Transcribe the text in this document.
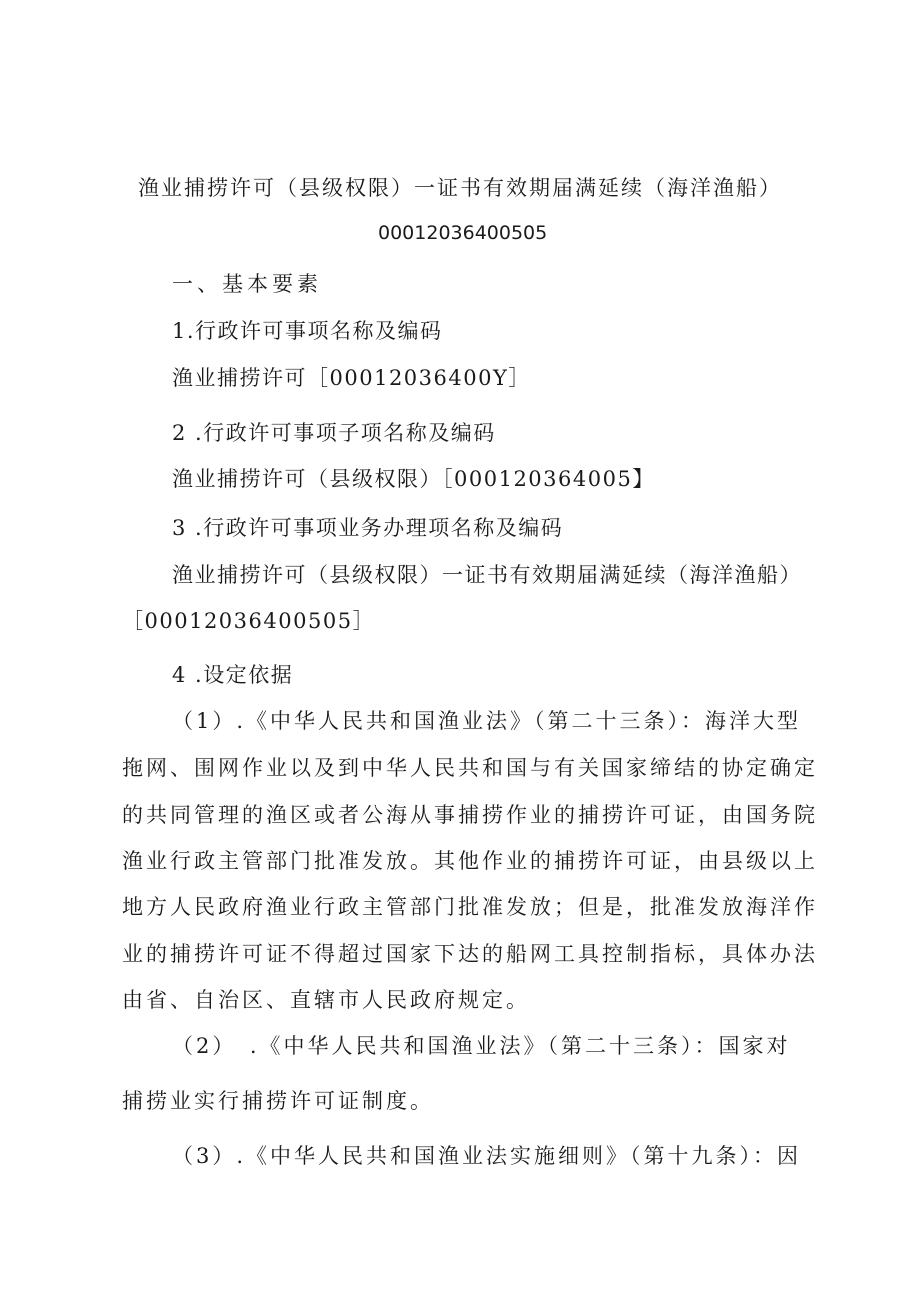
渔业捕捞许可（县级权限）一证书有效期届满延续（海洋渔船）

00012036400505

一、基本要素

1.行政许可事项名称及编码

渔业捕捞许可［00012036400Y］

2 .行政许可事项子项名称及编码

渔业捕捞许可（县级权限）［000120364005】

3 .行政许可事项业务办理项名称及编码

渔业捕捞许可（县级权限）一证书有效期届满延续（海洋渔船）

［00012036400505］

4 .设定依据

（1）.《中华人民共和国渔业法》（第二十三条）：海洋大型

拖网、围网作业以及到中华人民共和国与有关国家缔结的协定确定

的共同管理的渔区或者公海从事捕捞作业的捕捞许可证，由国务院

渔业行政主管部门批准发放。其他作业的捕捞许可证，由县级以上

地方人民政府渔业行政主管部门批准发放；但是，批准发放海洋作

业的捕捞许可证不得超过国家下达的船网工具控制指标，具体办法

由省、自治区、直辖市人民政府规定。

（2）　.《中华人民共和国渔业法》（第二十三条）：国家对

捕捞业实行捕捞许可证制度。

（3）.《中华人民共和国渔业法实施细则》（第十九条）：因
